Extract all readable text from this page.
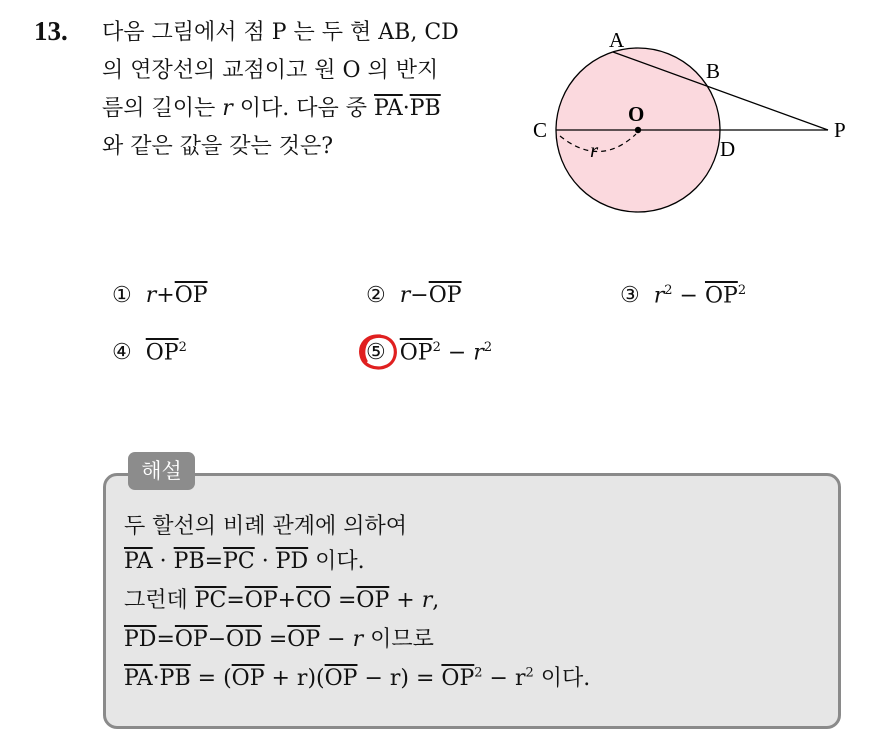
13. 다음 그림에서 점 P 는 두 현 AB, CD
의 연장선의 교점이고 원 O 의 반지
름의 길이는 r 이다. 다음 중 $\overline{PA}\cdot\overline{PB}$
와 같은 값을 갖는 것은?
A
B
C
D
O
P
r
① $r+\overline{OP}$	② $r-\overline{OP}$	③ $r^2 - \overline{OP}^2$
④ $\overline{OP}^2$	⑤ $\overline{OP}^2 - r^2$
해설
두 할선의 비례 관계에 의하여
$\overline{PA} \cdot \overline{PB}=\overline{PC} \cdot \overline{PD}$ 이다.
그런데 $\overline{PC}=\overline{OP}+\overline{CO} =\overline{OP} + r$,
$\overline{PD}=\overline{OP}-\overline{OD} =\overline{OP} - r$ 이므로
$\overline{PA}\cdot\overline{PB} = (\overline{OP} + r)(\overline{OP} - r) = \overline{OP}^2 - r^2$ 이다.
